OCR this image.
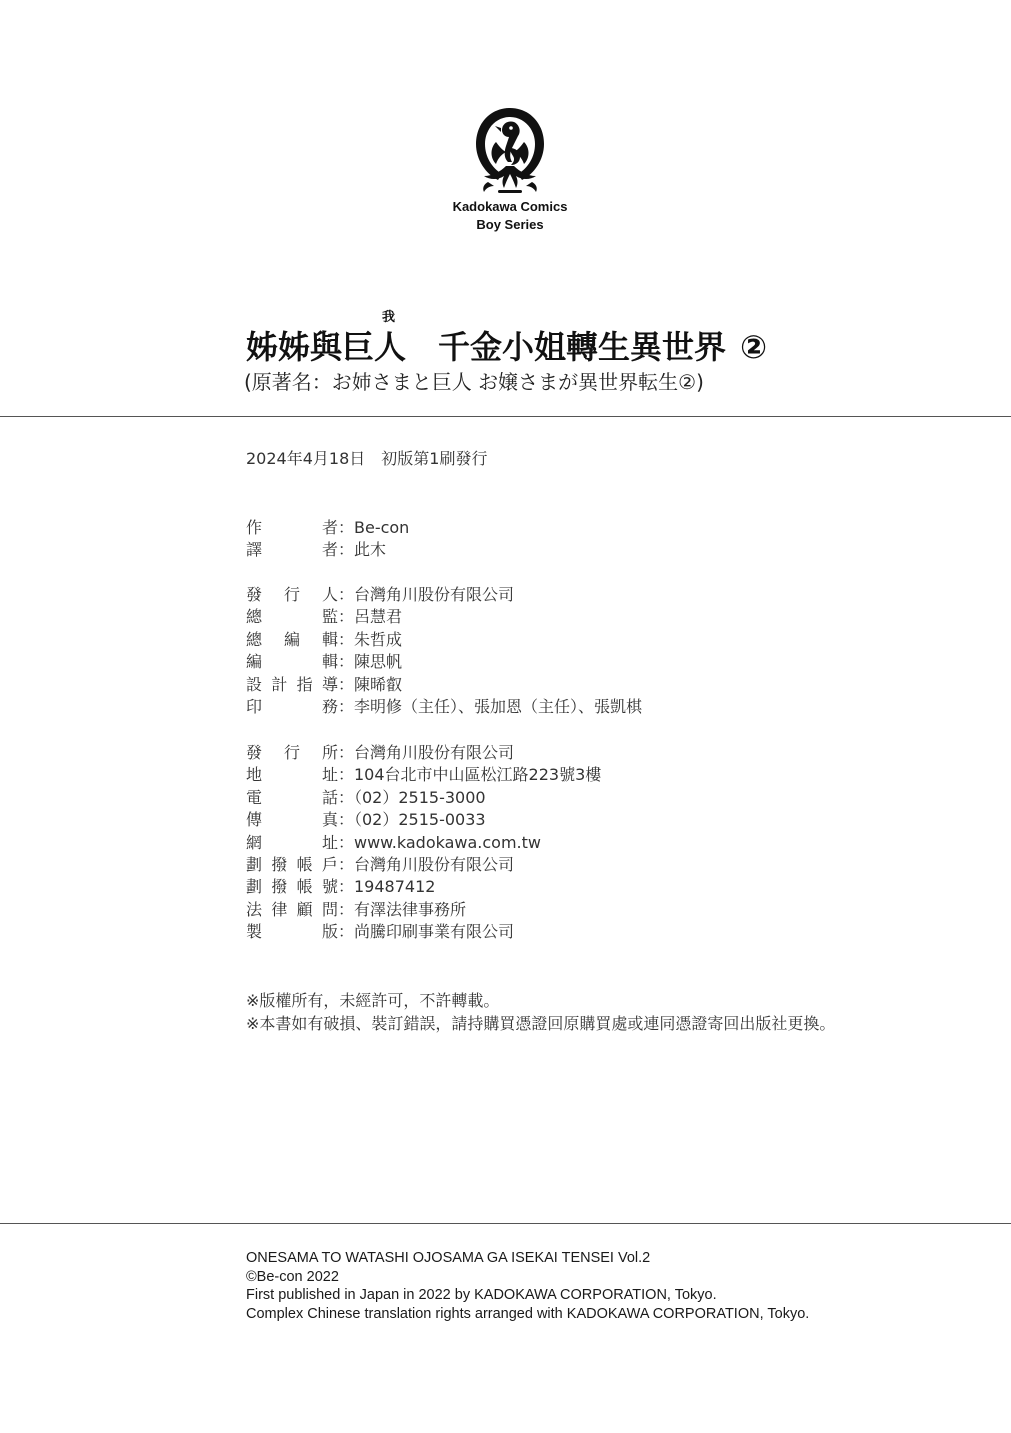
Kadokawa Comics
Boy Series
我
姊姊與巨人　千金小姐轉生異世界 ②

(原著名：お姉さまと巨人 お嬢さまが異世界転生②)

2024年4月18日　初版第1刷發行
作者 ：Be-con
譯者 ：此木
發行人 ：台灣角川股份有限公司
總監 ：呂慧君
總編輯 ：朱哲成
編輯 ：陳思帆
設計指導 ：陳晞叡
印務 ：李明修（主任）、張加恩（主任）、張凱棋
發行所 ：台灣角川股份有限公司
地址 ：104台北市中山區松江路223號3樓
電話 ：（02）2515-3000
傳真 ：（02）2515-0033
網址 ：www.kadokawa.com.tw
劃撥帳戶 ：台灣角川股份有限公司
劃撥帳號 ：19487412
法律顧問 ：有澤法律事務所
製版 ：尚騰印刷事業有限公司
※版權所有，未經許可，不許轉載。
※本書如有破損、裝訂錯誤，請持購買憑證回原購買處或連同憑證寄回出版社更換。
ONESAMA TO WATASHI OJOSAMA GA ISEKAI TENSEI Vol.2
©Be-con 2022
First published in Japan in 2022 by KADOKAWA CORPORATION, Tokyo.
Complex Chinese translation rights arranged with KADOKAWA CORPORATION, Tokyo.
